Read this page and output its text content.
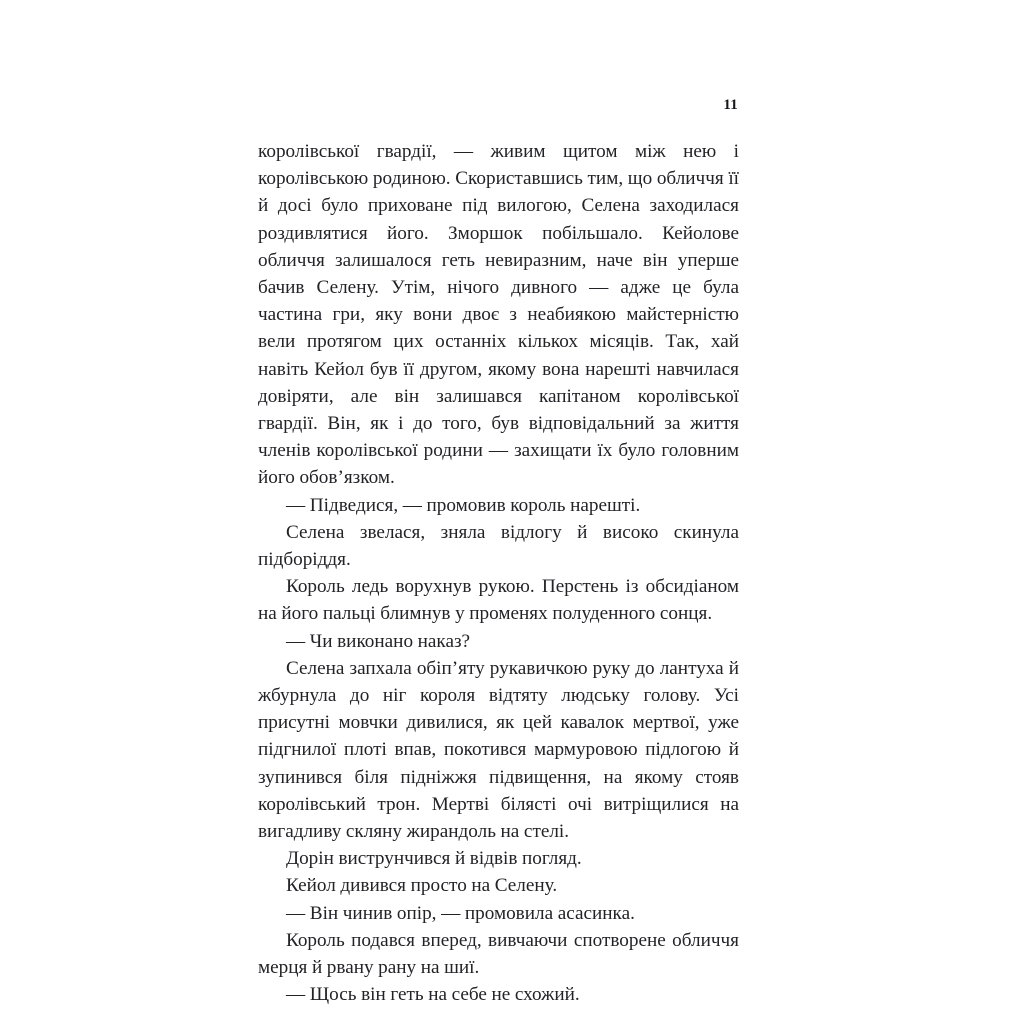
11

королівської гвардії, — живим щитом між нею і королівською родиною. Скориставшись тим, що обличчя її й досі було приховане під вилогою, Селена заходилася роздивлятися його. Зморшок побільшало. Кейолове обличчя залишалося геть невиразним, наче він уперше бачив Селену. Утім, нічого дивного — адже це була частина гри, яку вони двоє з неабиякою майстерністю вели протягом цих останніх кількох місяців. Так, хай навіть Кейол був її другом, якому вона нарешті навчилася довіряти, але він залишався капітаном королівської гвардії. Він, як і до того, був відповідальний за життя членів королівської родини — захищати їх було головним його обов’язком.

— Підведися, — промовив король нарешті.

Селена звелася, зняла відлогу й високо скинула підборіддя.

Король ледь ворухнув рукою. Перстень із обсидіаном на його пальці блимнув у променях полуденного сонця.

— Чи виконано наказ?

Селена запхала обіп’яту рукавичкою руку до лантуха й жбурнула до ніг короля відтяту людську голову. Усі присутні мовчки дивилися, як цей кавалок мертвої, уже підгнилої плоті впав, покотився мармуровою підлогою й зупинився біля підніжжя підвищення, на якому стояв королівський трон. Мертві білясті очі витріщилися на вигадливу скляну жирандоль на стелі.

Дорін виструнчився й відвів погляд.

Кейол дивився просто на Селену.

— Він чинив опір, — промовила асасинка.

Король подався вперед, вивчаючи спотворене обличчя мерця й рвану рану на шиї.

— Щось він геть на себе не схожий.
